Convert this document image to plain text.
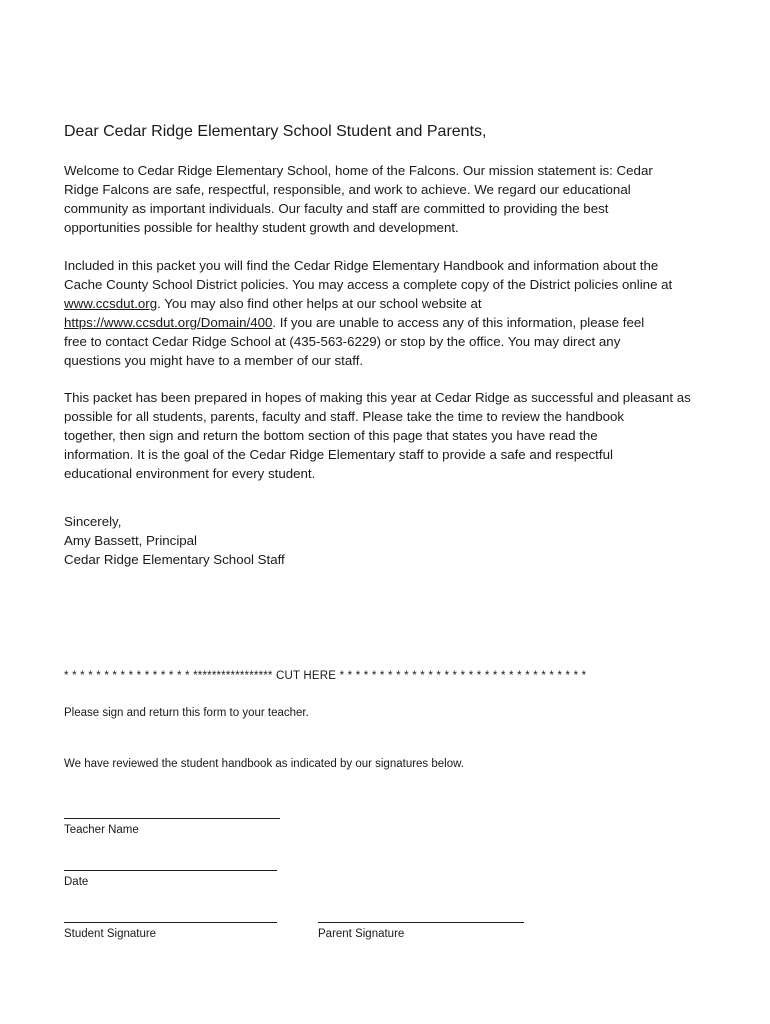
Dear Cedar Ridge Elementary School Student and Parents,
Welcome to Cedar Ridge Elementary School, home of the Falcons. Our mission statement is: Cedar
Ridge Falcons are safe, respectful, responsible, and work to achieve. We regard our educational
community as important individuals. Our faculty and staff are committed to providing the best
opportunities possible for healthy student growth and development.
Included in this packet you will find the Cedar Ridge Elementary Handbook and information about the
Cache County School District policies. You may access a complete copy of the District policies online at
www.ccsdut.org. You may also find other helps at our school website at
https://www.ccsdut.org/Domain/400. If you are unable to access any of this information, please feel
free to contact Cedar Ridge School at (435-563-6229) or stop by the office. You may direct any
questions you might have to a member of our staff.
This packet has been prepared in hopes of making this year at Cedar Ridge as successful and pleasant as
possible for all students, parents, faculty and staff. Please take the time to review the handbook
together, then sign and return the bottom section of this page that states you have read the
information. It is the goal of the Cedar Ridge Elementary staff to provide a safe and respectful
educational environment for every student.
Sincerely,
Amy Bassett, Principal
Cedar Ridge Elementary School Staff
* * * * * * * * * * * * * * * * ***************** CUT HERE * * * * * * * * * * * * * * * * * * * * * * * * * * * * * * *
Please sign and return this form to your teacher.
We have reviewed the student handbook as indicated by our signatures below.
Teacher Name
Date
Student Signature	Parent Signature
